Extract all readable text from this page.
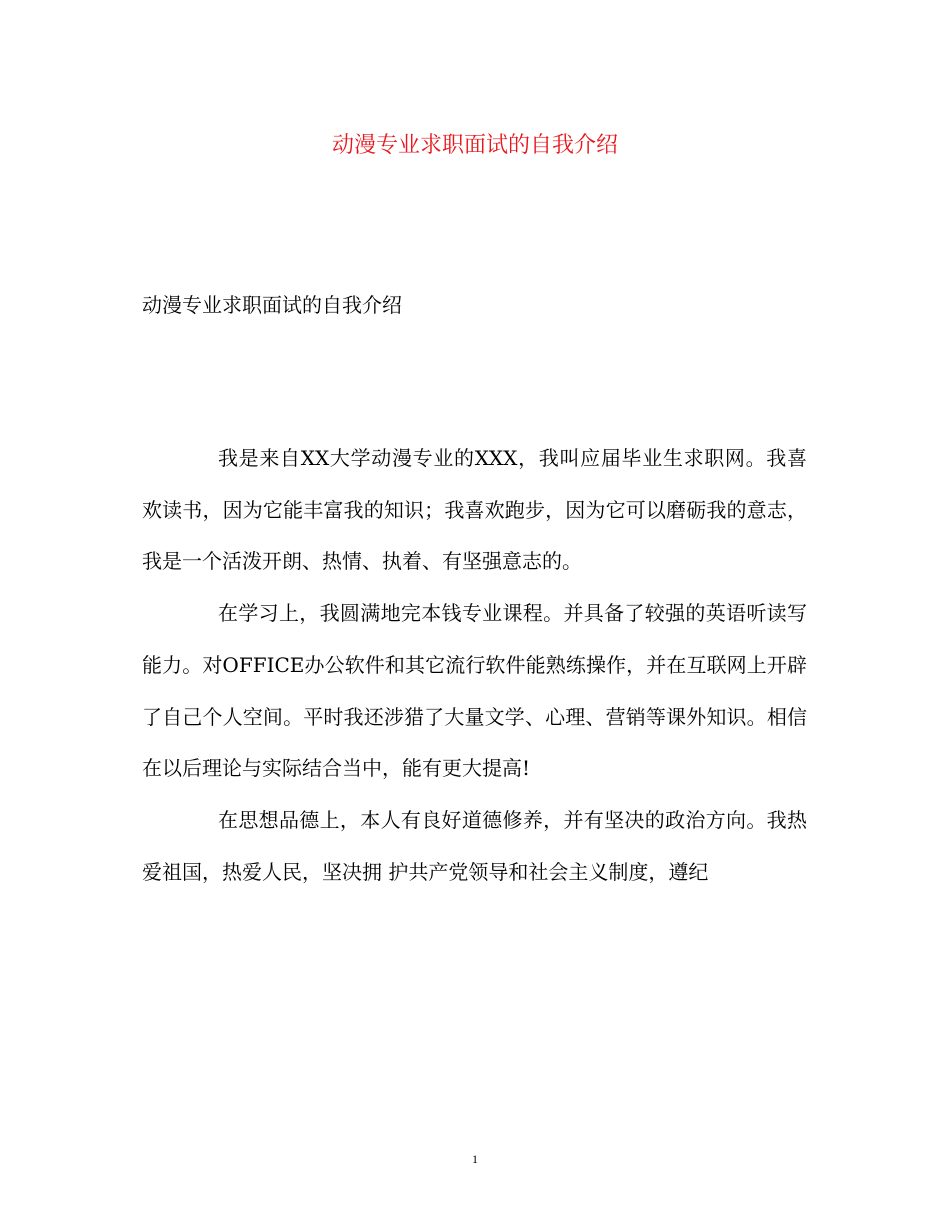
动漫专业求职面试的自我介绍

动漫专业求职面试的自我介绍

我是来自XX大学动漫专业的XXX，我叫应届毕业生求职网。我喜欢读书，因为它能丰富我的知识；我喜欢跑步，因为它可以磨砺我的意志，我是一个活泼开朗、热情、执着、有坚强意志的。

在学习上，我圆满地完本钱专业课程。并具备了较强的英语听读写能力。对OFFICE办公软件和其它流行软件能熟练操作，并在互联网上开辟了自己个人空间。平时我还涉猎了大量文学、心理、营销等课外知识。相信在以后理论与实际结合当中，能有更大提高!

在思想品德上，本人有良好道德修养，并有坚决的政治方向。我热爱祖国，热爱人民，坚决拥 护共产党领导和社会主义制度，遵纪

1
